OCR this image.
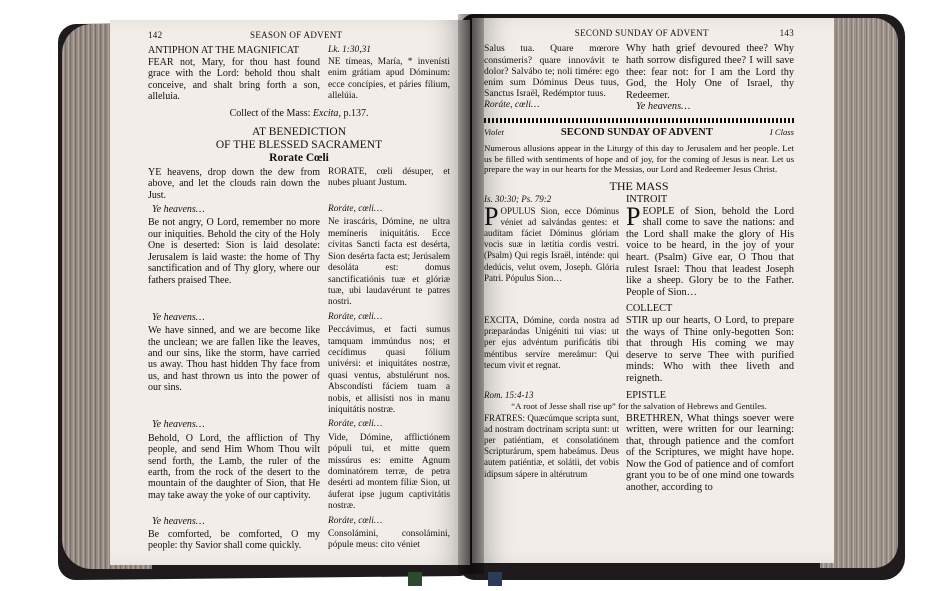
142	SEASON OF ADVENT
ANTIPHON AT THE MAGNIFICAT	Lk. 1:30,31
FEAR not, Mary, for thou hast found grace with the Lord: behold thou shalt conceive, and shalt bring forth a son, alleluia.
NE tímeas, María, * invenísti enim grátiam apud Dóminum: ecce concípies, et páries fílium, allelúia.
Collect of the Mass: Excita, p.137.
AT BENEDICTION
OF THE BLESSED SACRAMENT
Rorate Cœli
YE heavens, drop down the dew from above, and let the clouds rain down the Just.
RORATE, cœli désuper, et nubes pluant Justum.
Ye heavens…	Roráte, cœli…
Be not angry, O Lord, remember no more our iniquities. Behold the city of the Holy One is deserted: Sion is laid desolate: Jerusalem is laid waste: the home of Thy sanctification and of Thy glory, where our fathers praised Thee.
Ne irascáris, Dómine, ne ultra memíneris iniquitátis. Ecce cívitas Sancti facta est desérta, Sion desérta facta est; Jerúsalem desoláta est: domus sanctificatiónis tuæ et glóriæ tuæ, ubi laudavérunt te patres nostri.
Ye heavens…	Roráte, cœli…
We have sinned, and we are become like the unclean; we are fallen like the leaves, and our sins, like the storm, have carried us away. Thou hast hidden Thy face from us, and hast thrown us into the power of our sins.
Peccávimus, et facti sumus tamquam immúndus nos; et cecídimus quasi fólium univérsi: et iniquitátes nostræ, quasi ventus, abstulérunt nos. Abscondísti fáciem tuam a nobis, et allisísti nos in manu iniquitátis nostræ.
Ye heavens…	Roráte, cœli…
Behold, O Lord, the affliction of Thy people, and send Him Whom Thou wilt send forth, the Lamb, the ruler of the earth, from the rock of the desert to the mountain of the daughter of Sion, that He may take away the yoke of our captivity.
Vide, Dómine, afflictiónem pópuli tui, et mitte quem missúrus es: emitte Agnum dominatórem terræ, de petra desérti ad montem fíliæ Sion, ut áuferat ipse jugum captivitátis nostræ.
Ye heavens…	Roráte, cœli…
Be comforted, be comforted, O my people: thy Savior shall come quickly.
Consolámini, consolámini, pópule meus: cito véniet
SECOND SUNDAY OF ADVENT	143
Salus tua. Quare mœrore consúmeris? quare innovávit te dolor? Salvábo te; noli timére: ego enim sum Dóminus Deus tuus, Sanctus Israël, Redémptor tuus.
Roráte, cœli…
Why hath grief devoured thee? Why hath sorrow disfigured thee? I will save thee: fear not: for I am the Lord thy God, the Holy One of Israel, thy Redeemer.
Ye heavens…
Violet	SECOND SUNDAY OF ADVENT	I Class
Numerous allusions appear in the Liturgy of this day to Jerusalem and her people. Let us be filled with sentiments of hope and of joy, for the coming of Jesus is near. Let us prepare the way in our hearts for the Messias, our Lord and Redeemer Jesus Christ.
THE MASS
Is. 30:30; Ps. 79:2	INTROIT
POPULUS Sion, ecce Dóminus véniet ad salvándas gentes: et audítam fáciet Dóminus glóriam vocis suæ in lætítia cordis vestri. (Psalm) Qui regis Israël, inténde: qui dedúcis, velut ovem, Joseph. Glória Patri. Pópulus Sion…
PEOPLE of Sion, behold the Lord shall come to save the nations: and the Lord shall make the glory of His voice to be heard, in the joy of your heart. (Psalm) Give ear, O Thou that rulest Israel: Thou that leadest Joseph like a sheep. Glory be to the Father. People of Sion…
COLLECT
EXCITA, Dómine, corda nostra ad præparándas Unigéniti tui vias: ut per ejus advéntum purificátis tibi méntibus servíre mereámur: Qui tecum vivit et regnat.
STIR up our hearts, O Lord, to prepare the ways of Thine only-begotten Son: that through His coming we may deserve to serve Thee with purified minds: Who with thee liveth and reigneth.
Rom. 15:4-13	EPISTLE
“A root of Jesse shall rise up” for the salvation of Hebrews and Gentiles.
FRATRES: Quæcúmque scripta sunt, ad nostram doctrínam scripta sunt: ut per patiéntiam, et consolatiónem Scripturárum, spem habeámus. Deus autem patiéntiæ, et solátii, det vobis idípsum sápere in altérutrum
BRETHREN, What things soever were written, were written for our learning: that, through patience and the comfort of the Scriptures, we might have hope. Now the God of patience and of comfort grant you to be of one mind one towards another, according to
